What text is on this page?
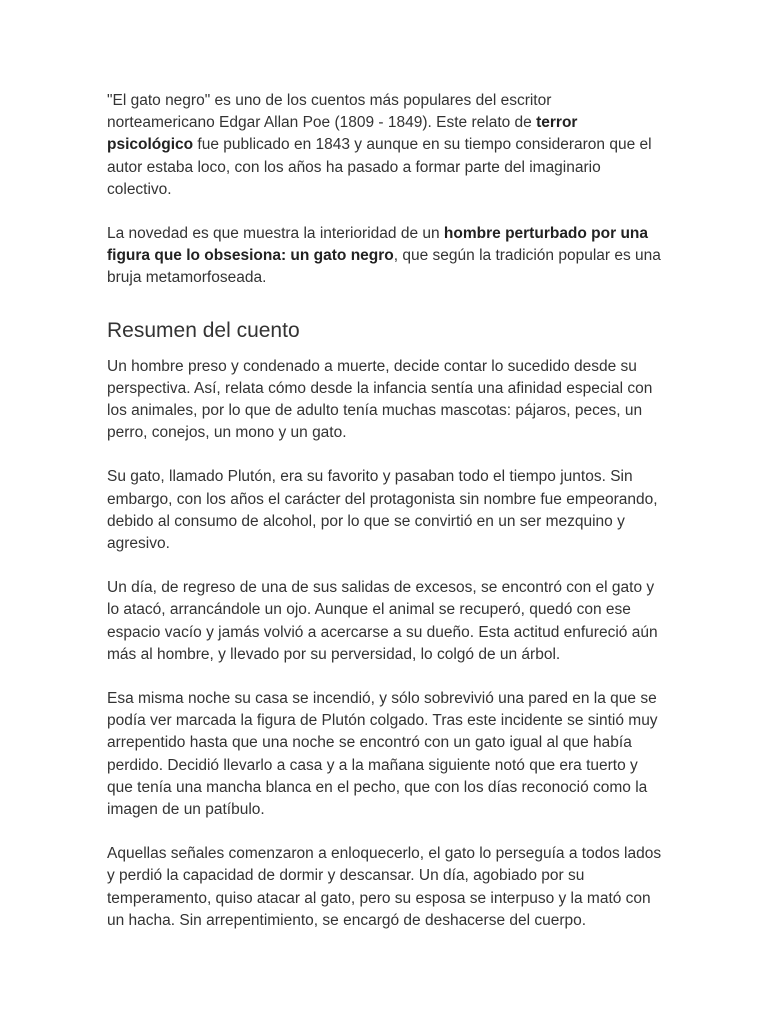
"El gato negro" es uno de los cuentos más populares del escritor norteamericano Edgar Allan Poe (1809 - 1849). Este relato de terror psicológico fue publicado en 1843 y aunque en su tiempo consideraron que el autor estaba loco, con los años ha pasado a formar parte del imaginario colectivo.

La novedad es que muestra la interioridad de un hombre perturbado por una figura que lo obsesiona: un gato negro, que según la tradición popular es una bruja metamorfoseada.

Resumen del cuento

Un hombre preso y condenado a muerte, decide contar lo sucedido desde su perspectiva. Así, relata cómo desde la infancia sentía una afinidad especial con los animales, por lo que de adulto tenía muchas mascotas: pájaros, peces, un perro, conejos, un mono y un gato.

Su gato, llamado Plutón, era su favorito y pasaban todo el tiempo juntos. Sin embargo, con los años el carácter del protagonista sin nombre fue empeorando, debido al consumo de alcohol, por lo que se convirtió en un ser mezquino y agresivo.

Un día, de regreso de una de sus salidas de excesos, se encontró con el gato y lo atacó, arrancándole un ojo. Aunque el animal se recuperó, quedó con ese espacio vacío y jamás volvió a acercarse a su dueño. Esta actitud enfureció aún más al hombre, y llevado por su perversidad, lo colgó de un árbol.

Esa misma noche su casa se incendió, y sólo sobrevivió una pared en la que se podía ver marcada la figura de Plutón colgado. Tras este incidente se sintió muy arrepentido hasta que una noche se encontró con un gato igual al que había perdido. Decidió llevarlo a casa y a la mañana siguiente notó que era tuerto y que tenía una mancha blanca en el pecho, que con los días reconoció como la imagen de un patíbulo.

Aquellas señales comenzaron a enloquecerlo, el gato lo perseguía a todos lados y perdió la capacidad de dormir y descansar. Un día, agobiado por su temperamento, quiso atacar al gato, pero su esposa se interpuso y la mató con un hacha. Sin arrepentimiento, se encargó de deshacerse del cuerpo.
